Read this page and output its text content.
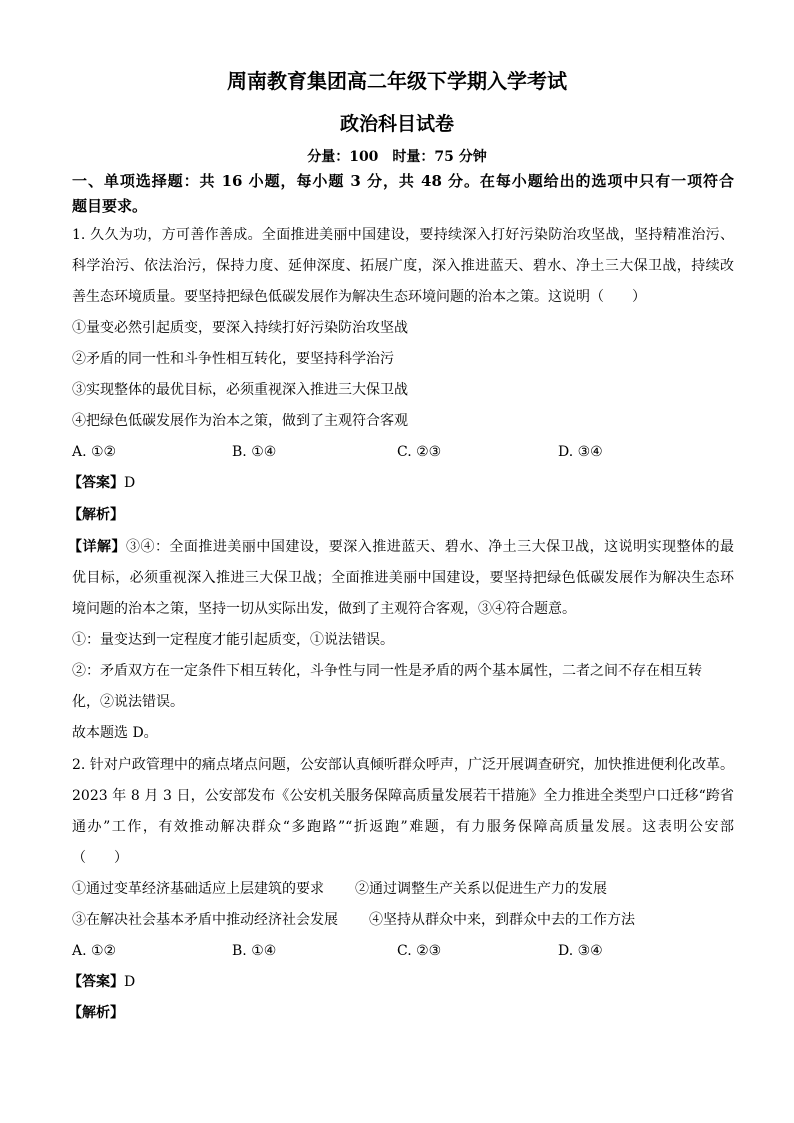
周南教育集团高二年级下学期入学考试
政治科目试卷
分量：100　时量：75 分钟
一、单项选择题：共 16 小题，每小题 3 分，共 48 分。在每小题给出的选项中只有一项符合
题目要求。
1. 久久为功，方可善作善成。全面推进美丽中国建设，要持续深入打好污染防治攻坚战，坚持精准治污、
科学治污、依法治污，保持力度、延伸深度、拓展广度，深入推进蓝天、碧水、净土三大保卫战，持续改
善生态环境质量。要坚持把绿色低碳发展作为解决生态环境问题的治本之策。这说明（　　）
①量变必然引起质变，要深入持续打好污染防治攻坚战
②矛盾的同一性和斗争性相互转化，要坚持科学治污
③实现整体的最优目标，必须重视深入推进三大保卫战
④把绿色低碳发展作为治本之策，做到了主观符合客观
A. ①②	B. ①④	C. ②③	D. ③④
【答案】D
【解析】
【详解】③④：全面推进美丽中国建设，要深入推进蓝天、碧水、净土三大保卫战，这说明实现整体的最
优目标，必须重视深入推进三大保卫战；全面推进美丽中国建设，要坚持把绿色低碳发展作为解决生态环
境问题的治本之策，坚持一切从实际出发，做到了主观符合客观，③④符合题意。
①：量变达到一定程度才能引起质变，①说法错误。
②：矛盾双方在一定条件下相互转化，斗争性与同一性是矛盾的两个基本属性，二者之间不存在相互转
化，②说法错误。
故本题选 D。
2. 针对户政管理中的痛点堵点问题，公安部认真倾听群众呼声，广泛开展调查研究，加快推进便利化改革。
2023 年 8 月 3 日，公安部发布《公安机关服务保障高质量发展若干措施》全力推进全类型户口迁移“跨省
通办”工作，有效推动解决群众“多跑路”“折返跑”难题，有力服务保障高质量发展。这表明公安部
（　　）
①通过变革经济基础适应上层建筑的要求 ②通过调整生产关系以促进生产力的发展
③在解决社会基本矛盾中推动经济社会发展 ④坚持从群众中来，到群众中去的工作方法
A. ①②	B. ①④	C. ②③	D. ③④
【答案】D
【解析】
